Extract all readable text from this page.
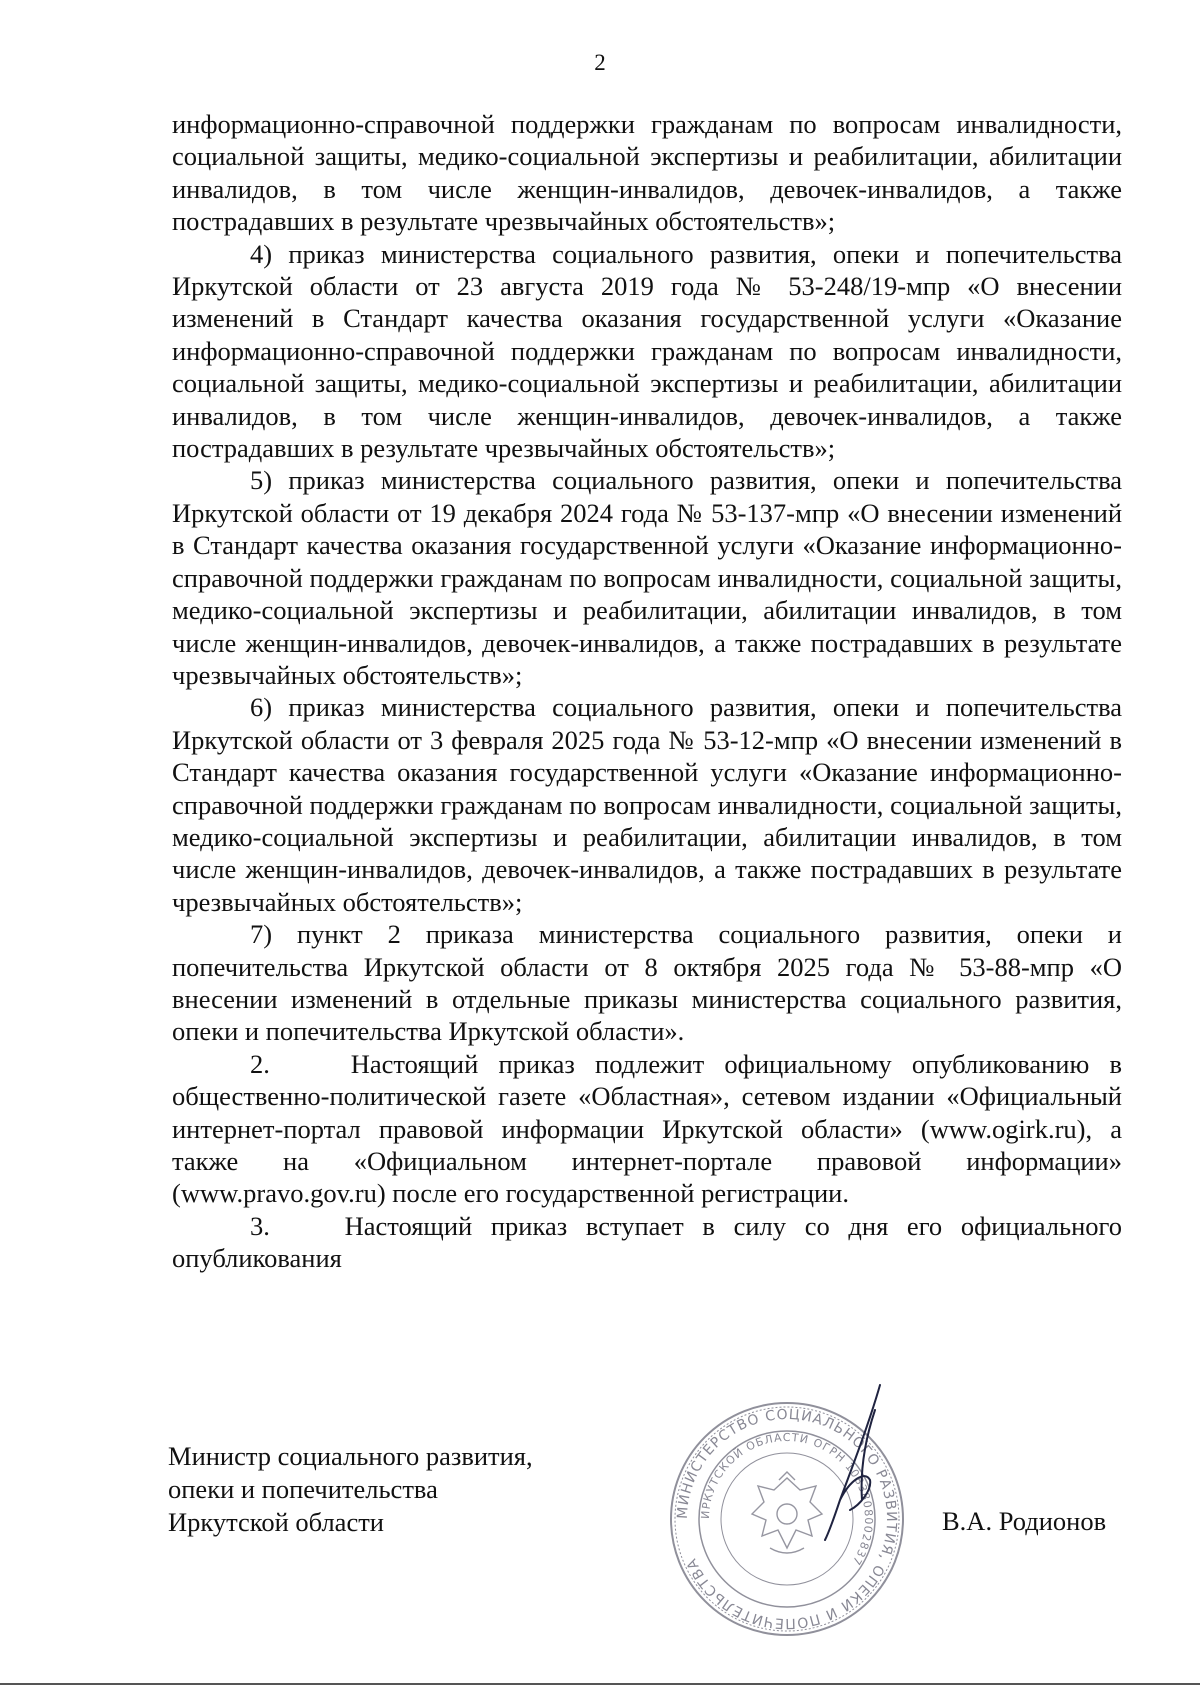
2

информационно-справочной поддержки гражданам по вопросам инвалидности, социальной защиты, медико-социальной экспертизы и реабилитации, абилитации инвалидов, в том числе женщин-инвалидов, девочек-инвалидов, а также пострадавших в результате чрезвычайных обстоятельств»;

4) приказ министерства социального развития, опеки и попечительства Иркутской области от 23 августа 2019 года № 53-248/19-мпр «О внесении изменений в Стандарт качества оказания государственной услуги «Оказание информационно-справочной поддержки гражданам по вопросам инвалидности, социальной защиты, медико-социальной экспертизы и реабилитации, абилитации инвалидов, в том числе женщин-инвалидов, девочек-инвалидов, а также пострадавших в результате чрезвычайных обстоятельств»;

5) приказ министерства социального развития, опеки и попечительства Иркутской области от 19 декабря 2024 года № 53-137-мпр «О внесении изменений в Стандарт качества оказания государственной услуги «Оказание информационно-справочной поддержки гражданам по вопросам инвалидности, социальной защиты, медико-социальной экспертизы и реабилитации, абилитации инвалидов, в том числе женщин-инвалидов, девочек-инвалидов, а также пострадавших в результате чрезвычайных обстоятельств»;

6) приказ министерства социального развития, опеки и попечительства Иркутской области от 3 февраля 2025 года № 53-12-мпр «О внесении изменений в Стандарт качества оказания государственной услуги «Оказание информационно-справочной поддержки гражданам по вопросам инвалидности, социальной защиты, медико-социальной экспертизы и реабилитации, абилитации инвалидов, в том числе женщин-инвалидов, девочек-инвалидов, а также пострадавших в результате чрезвычайных обстоятельств»;

7) пункт 2 приказа министерства социального развития, опеки и попечительства Иркутской области от 8 октября 2025 года № 53-88-мпр «О внесении изменений в отдельные приказы министерства социального развития, опеки и попечительства Иркутской области».

2.    Настоящий приказ подлежит официальному опубликованию в общественно-политической газете «Областная», сетевом издании «Официальный интернет-портал правовой информации Иркутской области» (www.ogirk.ru), а также на «Официальном интернет-портале правовой информации» (www.pravo.gov.ru) после его государственной регистрации.

3.    Настоящий приказ вступает в силу со дня его официального опубликования

Министр социального развития,
опеки и попечительства
Иркутской области	МИНИСТЕРСТВО СОЦИАЛЬНОГО РАЗВИТИЯ, ОПЕКИ И ПОПЕЧИТЕЛЬСТВА
ИРКУТСКОЙ ОБЛАСТИ ОГРН 1083808002837
В.А. Родионов
